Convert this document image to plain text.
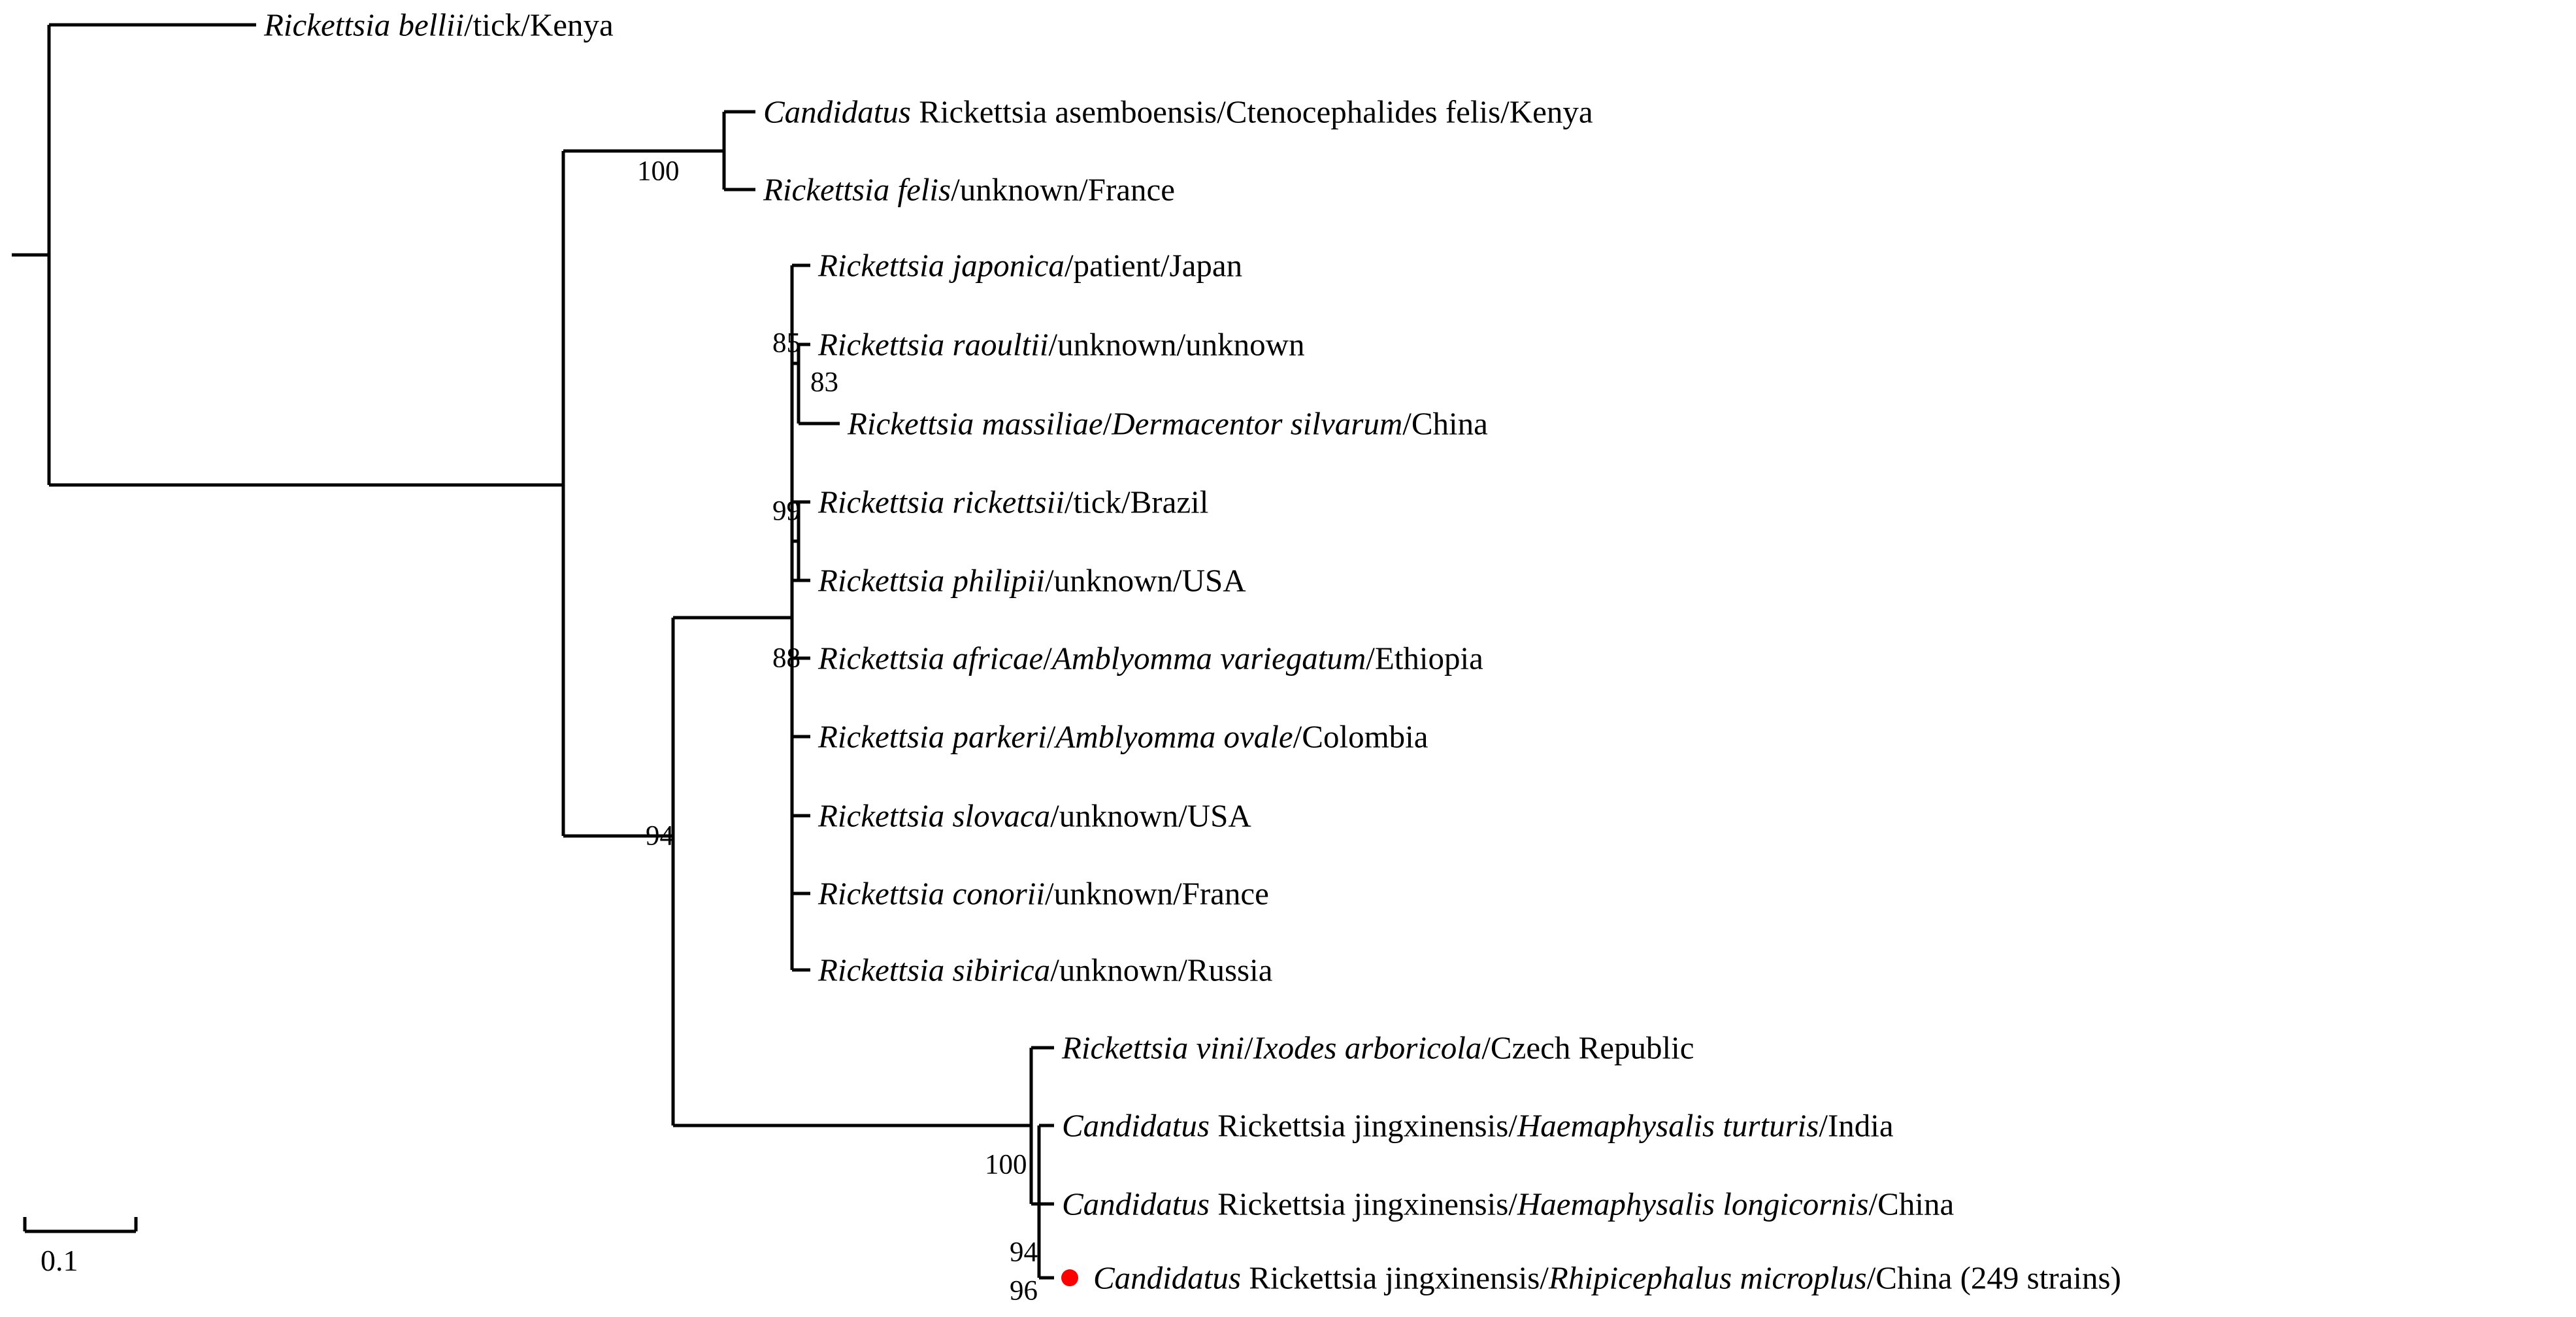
Rickettsia bellii/tick/Kenya
Candidatus Rickettsia asemboensis/Ctenocephalides felis/Kenya
Rickettsia felis/unknown/France
Rickettsia japonica/patient/Japan
Rickettsia raoultii/unknown/unknown
Rickettsia massiliae/Dermacentor silvarum/China
Rickettsia rickettsii/tick/Brazil
Rickettsia philipii/unknown/USA
Rickettsia africae/Amblyomma variegatum/Ethiopia
Rickettsia parkeri/Amblyomma ovale/Colombia
Rickettsia slovaca/unknown/USA
Rickettsia conorii/unknown/France
Rickettsia sibirica/unknown/Russia
Rickettsia vini/Ixodes arboricola/Czech Republic
Candidatus Rickettsia jingxinensis/Haemaphysalis turturis/India
Candidatus Rickettsia jingxinensis/Haemaphysalis longicornis/China
Candidatus Rickettsia jingxinensis/Rhipicephalus microplus/China (249 strains)
100
85
83
99
88
94
100
94
96
0.1
